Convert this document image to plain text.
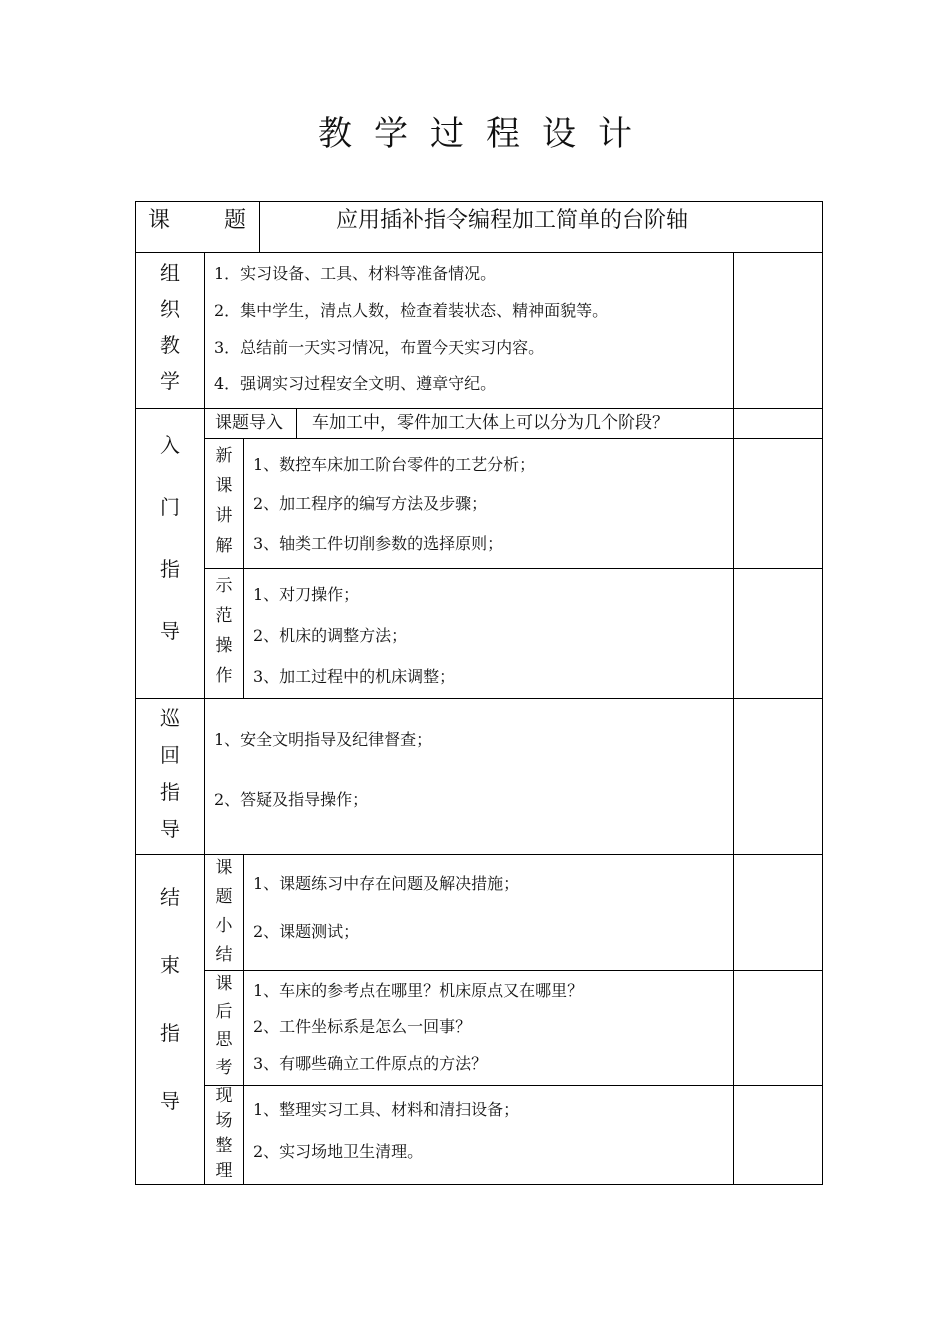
教学过程设计
课 题	应用插补指令编程加工简单的台阶轴
组
织
教
学
1．实习设备、工具、材料等准备情况。
2．集中学生，清点人数，检查着装状态、精神面貌等。
3．总结前一天实习情况，布置今天实习内容。
4．强调实习过程安全文明、遵章守纪。
入
门
指
导
课题导入 车加工中，零件加工大体上可以分为几个阶段？
新
课
讲
解
1、数控车床加工阶台零件的工艺分析；
2、加工程序的编写方法及步骤；
3、轴类工件切削参数的选择原则；
示
范
操
作
1、对刀操作；
2、机床的调整方法；
3、加工过程中的机床调整；
巡
回
指
导
1、安全文明指导及纪律督查；
2、答疑及指导操作；
结
束
指
导
课
题
小
结
1、课题练习中存在问题及解决措施；
2、课题测试；
课
后
思
考
1、车床的参考点在哪里？机床原点又在哪里？
2、工件坐标系是怎么一回事？
3、有哪些确立工件原点的方法？
现
场
整
理
1、整理实习工具、材料和清扫设备；
2、实习场地卫生清理。
